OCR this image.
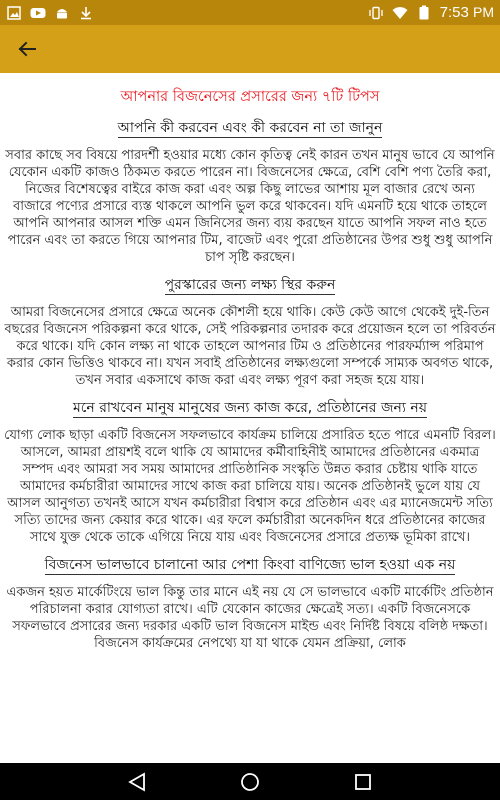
7:53 PM
আপনার বিজনেসের প্রসারের জন্য ৭টি টিপস
আপনি কী করবেন এবং কী করবেন না তা জানুন

সবার কাছে সব বিষয়ে পারদর্শী হওয়ার মধ্যে কোন কৃতিত্ব নেই কারন তখন মানুষ ভাবে যে আপনি যেকোন একটি কাজও ঠিকমত করতে পারেন না। বিজনেসের ক্ষেত্রে, বেশি বেশি পণ্য তৈরি করা, নিজের বিশেষত্বের বাইরে কাজ করা এবং অল্প কিছু লাভের আশায় মূল বাজার রেখে অন্য বাজারে পণ্যের প্রসারে ব্যস্ত থাকলে আপনি ভুল করে থাকবেন। যদি এমনটি হয়ে থাকে তাহলে আপনি আপনার আসল শক্তি এমন জিনিসের জন্য ব্যয় করছেন যাতে আপনি সফল নাও হতে পারেন এবং তা করতে গিয়ে আপনার টিম, বাজেট এবং পুরো প্রতিষ্ঠানের উপর শুধু শুধু আপনি চাপ সৃষ্টি করছেন।

পুরস্কারের জন্য লক্ষ্য স্থির করুন

আমরা বিজনেসের প্রসারে ক্ষেত্রে অনেক কৌশলী হয়ে থাকি। কেউ কেউ আগে থেকেই দুই-তিন বছরের বিজনেস পরিকল্পনা করে থাকে, সেই পরিকল্পনার তদারক করে প্রয়োজন হলে তা পরিবর্তন করে থাকে। যদি কোন লক্ষ্য না থাকে তাহলে আপনার টিম ও প্রতিষ্ঠানের পারফর্ম্যান্স পরিমাপ করার কোন ভিত্তিও থাকবে না। যখন সবাই প্রতিষ্ঠানের লক্ষ্যগুলো সম্পর্কে সাম্যক অবগত থাকে, তখন সবার একসাথে কাজ করা এবং লক্ষ্য পূরণ করা সহজ হয়ে যায়।

মনে রাখবেন মানুষ মানুষের জন্য কাজ করে, প্রতিষ্ঠানের জন্য নয়

যোগ্য লোক ছাড়া একটি বিজনেস সফলভাবে কার্যক্রম চালিয়ে প্রসারিত হতে পারে এমনটি বিরল। আসলে, আমরা প্রায়শই বলে থাকি যে আমাদের কর্মীবাহিনীই আমাদের প্রতিষ্ঠানের একমাত্র সম্পদ এবং আমরা সব সময় আমাদের প্রাতিষ্ঠানিক সংস্কৃতি উন্নত করার চেষ্টায় থাকি যাতে আমাদের কর্মচারীরা আমাদের সাথে কাজ করা চালিয়ে যায়। অনেক প্রতিষ্ঠানই ভুলে যায় যে আসল আনুগত্য তখনই আসে যখন কর্মচারীরা বিশ্বাস করে প্রতিষ্ঠান এবং এর ম্যানেজমেন্ট সত্যি সত্যি তাদের জন্য কেয়ার করে থাকে। এর ফলে কর্মচারীরা অনেকদিন ধরে প্রতিষ্ঠানের কাজের সাথে যুক্ত থেকে তাকে এগিয়ে নিয়ে যায় এবং বিজনেসের প্রসারে প্রত্যক্ষ ভূমিকা রাখে।

বিজনেস ভালভাবে চালানো আর পেশা কিংবা বাণিজ্যে ভাল হওয়া এক নয়

একজন হয়ত মার্কেটিংয়ে ভাল কিন্তু তার মানে এই নয় যে সে ভালভাবে একটি মার্কেটিং প্রতিষ্ঠান পরিচালনা করার যোগ্যতা রাখে। এটি যেকোন কাজের ক্ষেত্রেই সত্য। একটি বিজনেসকে সফলভাবে প্রসারের জন্য দরকার একটি ভাল বিজনেস মাইন্ড এবং নির্দিষ্ট বিষয়ে বলিষ্ঠ দক্ষতা। বিজনেস কার্যক্রমের নেপথ্যে যা যা থাকে যেমন প্রক্রিয়া, লোক
